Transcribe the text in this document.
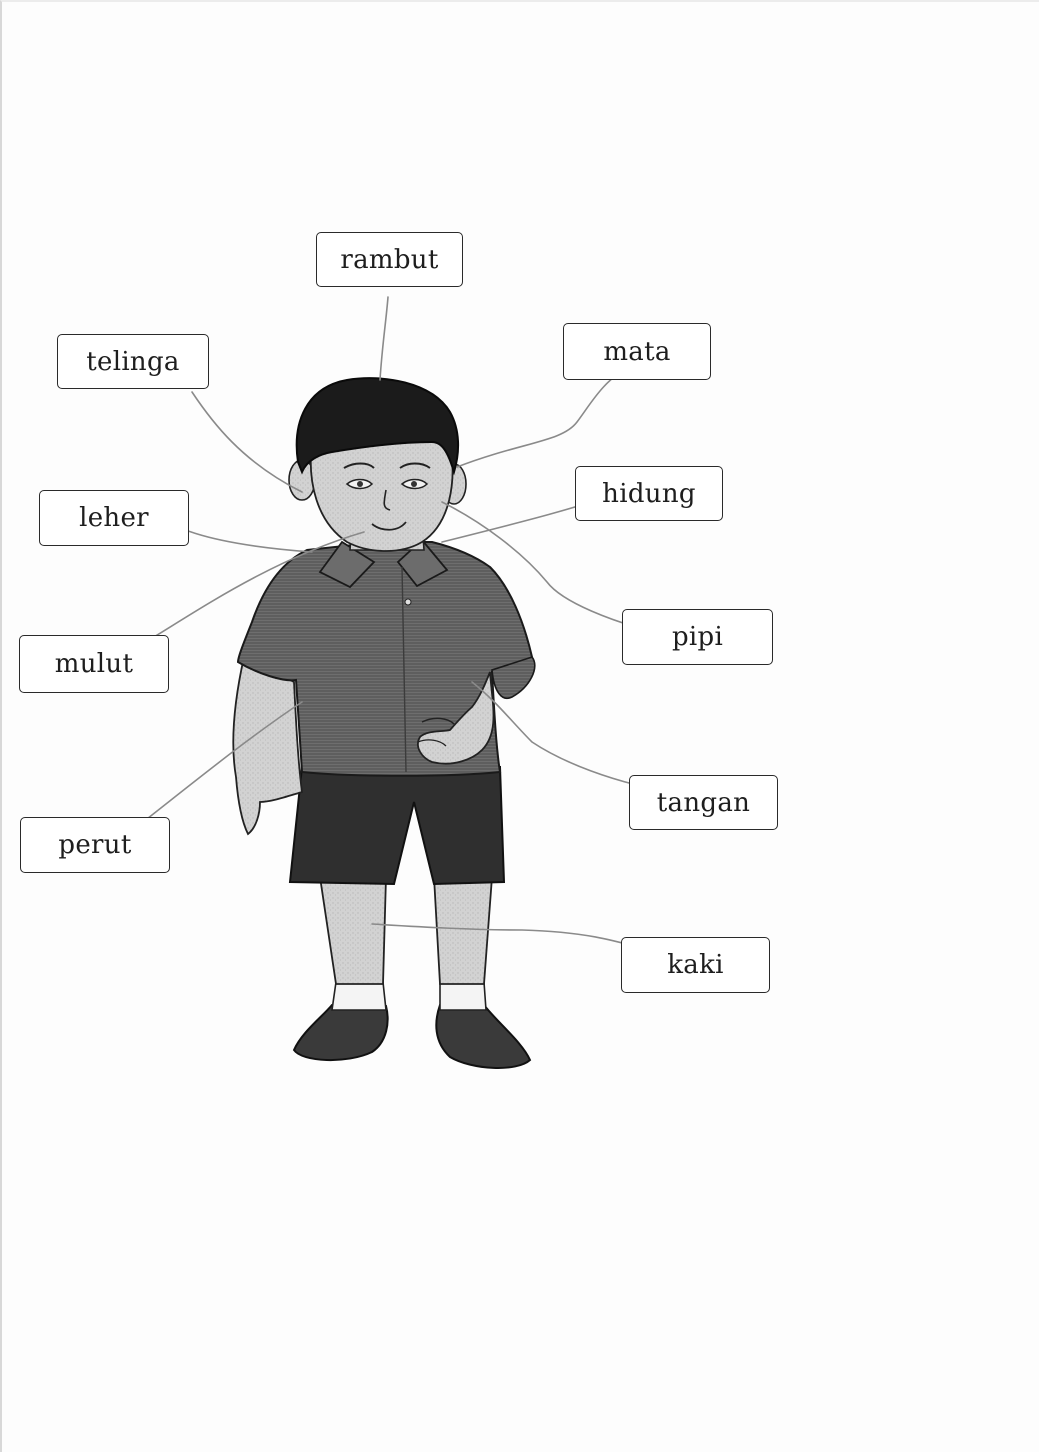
rambut
telinga	mata
hidung
leher
pipi
mulut
tangan
perut
kaki
